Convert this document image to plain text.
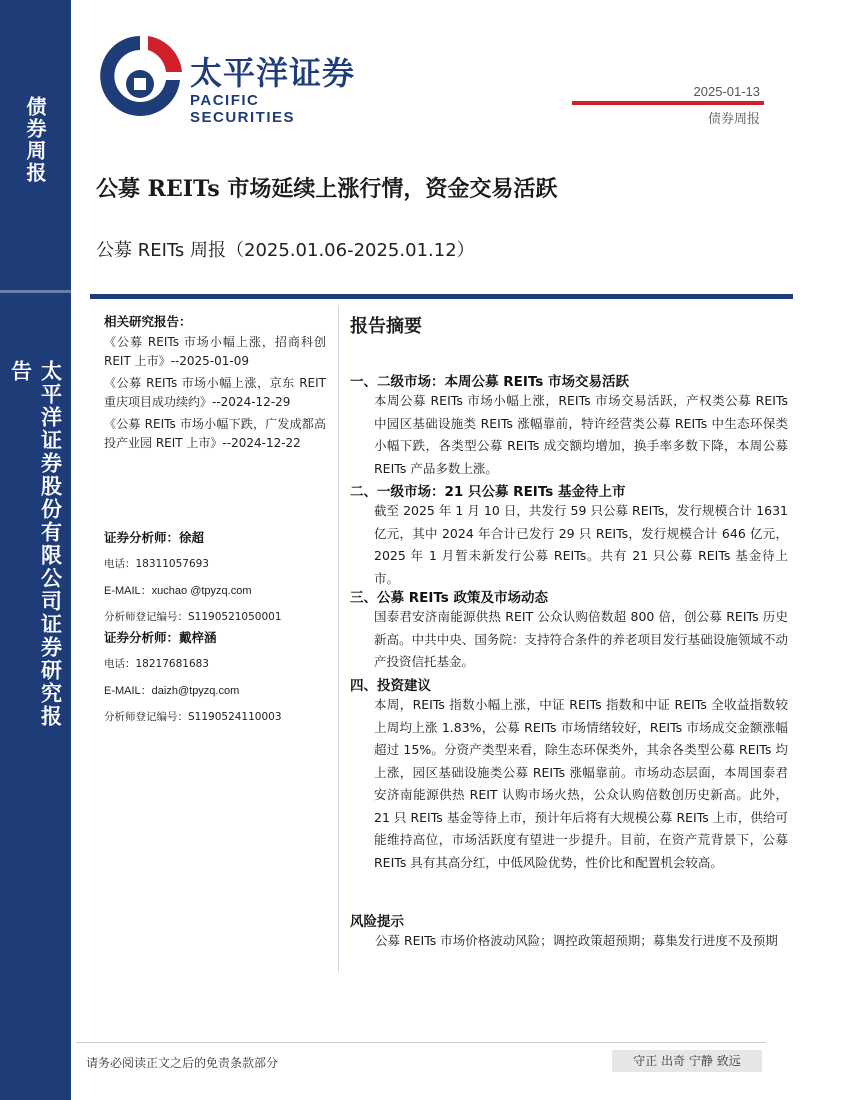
债券周报
太平洋证券股份有限公司证券研究报告
太平洋证券
PACIFIC SECURITIES
2025-01-13
债券周报
公募 REITs 市场延续上涨行情，资金交易活跃
公募 REITs 周报（2025.01.06-2025.01.12）
相关研究报告：
《公募 REITs 市场小幅上涨，招商科创 REIT 上市》--2025-01-09
《公募 REITs 市场小幅上涨，京东 REIT 重庆项目成功续约》--2024-12-29
《公募 REITs 市场小幅下跌，广发成都高投产业园 REIT 上市》--2024-12-22
证券分析师：徐超
电话：18311057693
E-MAIL：xuchao @tpyzq.com
分析师登记编号：S1190521050001
证券分析师：戴梓涵
电话：18217681683
E-MAIL：daizh@tpyzq.com
分析师登记编号：S1190524110003
报告摘要
一、二级市场：本周公募 REITs 市场交易活跃
本周公募 REITs 市场小幅上涨，REITs 市场交易活跃，产权类公募 REITs 中园区基础设施类 REITs 涨幅靠前，特许经营类公募 REITs 中生态环保类小幅下跌，各类型公募 REITs 成交额均增加，换手率多数下降，本周公募 REITs 产品多数上涨。
二、一级市场：21 只公募 REITs 基金待上市
截至 2025 年 1 月 10 日，共发行 59 只公募 REITs，发行规模合计 1631 亿元，其中 2024 年合计已发行 29 只 REITs，发行规模合计 646 亿元，2025 年 1 月暂未新发行公募 REITs。共有 21 只公募 REITs 基金待上市。
三、公募 REITs 政策及市场动态
国泰君安济南能源供热 REIT 公众认购倍数超 800 倍，创公募 REITs 历史新高。中共中央、国务院：支持符合条件的养老项目发行基础设施领域不动产投资信托基金。
四、投资建议
本周，REITs 指数小幅上涨，中证 REITs 指数和中证 REITs 全收益指数较上周均上涨 1.83%，公募 REITs 市场情绪较好，REITs 市场成交金额涨幅超过 15%。分资产类型来看，除生态环保类外，其余各类型公募 REITs 均上涨，园区基础设施类公募 REITs 涨幅靠前。市场动态层面，本周国泰君安济南能源供热 REIT 认购市场火热，公众认购倍数创历史新高。此外，21 只 REITs 基金等待上市，预计年后将有大规模公募 REITs 上市，供给可能维持高位，市场活跃度有望进一步提升。目前，在资产荒背景下，公募 REITs 具有其高分红，中低风险优势，性价比和配置机会较高。
风险提示
公募 REITs 市场价格波动风险；调控政策超预期；募集发行进度不及预期
请务必阅读正文之后的免责条款部分	守正 出奇 宁静 致远
